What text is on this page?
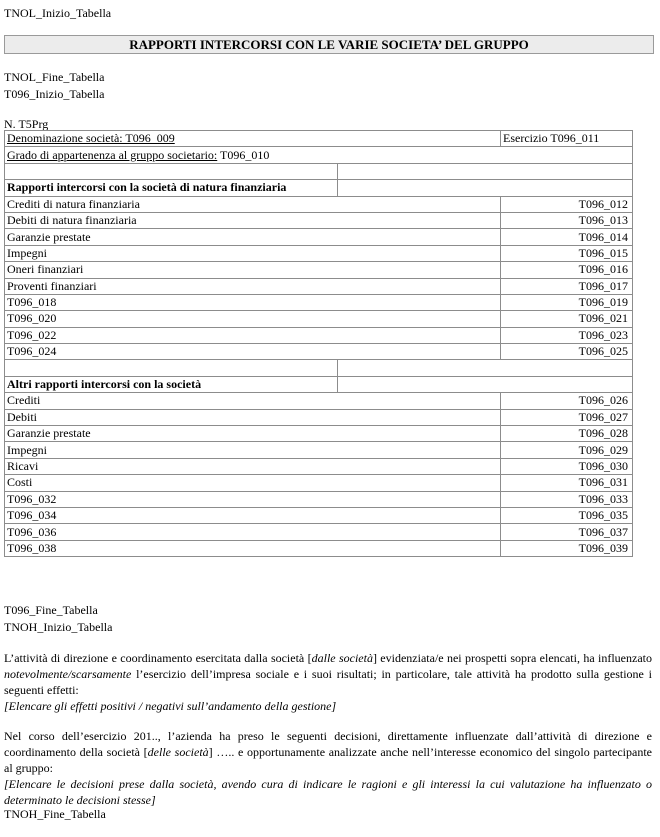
TNOL_Inizio_Tabella
RAPPORTI INTERCORSI CON LE VARIE SOCIETA’ DEL GRUPPO
TNOL_Fine_Tabella
T096_Inizio_Tabella
N. T5Prg
Denominazione società: T096_009		Esercizio T096_011
Grado di appartenenza al gruppo societario: T096_010		

Rapporti intercorsi con la società di natura finanziaria		
Crediti di natura finanziaria		T096_012
Debiti di natura finanziaria		T096_013
Garanzie prestate		T096_014
Impegni		T096_015
Oneri finanziari		T096_016
Proventi finanziari		T096_017
T096_018		T096_019
T096_020		T096_021
T096_022		T096_023
T096_024		T096_025

Altri rapporti intercorsi con la società		
Crediti		T096_026
Debiti		T096_027
Garanzie prestate		T096_028
Impegni		T096_029
Ricavi		T096_030
Costi		T096_031
T096_032		T096_033
T096_034		T096_035
T096_036		T096_037
T096_038		T096_039
T096_Fine_Tabella
TNOH_Inizio_Tabella
L’attività di direzione e coordinamento esercitata dalla società [dalle società] evidenziata/e nei prospetti sopra elencati, ha influenzato notevolmente/scarsamente l’esercizio dell’impresa sociale e i suoi risultati; in particolare, tale attività ha prodotto sulla gestione i seguenti effetti:
[Elencare gli effetti positivi / negativi sull’andamento della gestione]
Nel corso dell’esercizio 201.., l’azienda ha preso le seguenti decisioni, direttamente influenzate dall’attività di direzione e coordinamento della società [delle società] ….. e opportunamente analizzate anche nell’interesse economico del singolo partecipante al gruppo:
[Elencare le decisioni prese dalla società, avendo cura di indicare le ragioni e gli interessi la cui valutazione ha influenzato o determinato le decisioni stesse]
TNOH_Fine_Tabella
